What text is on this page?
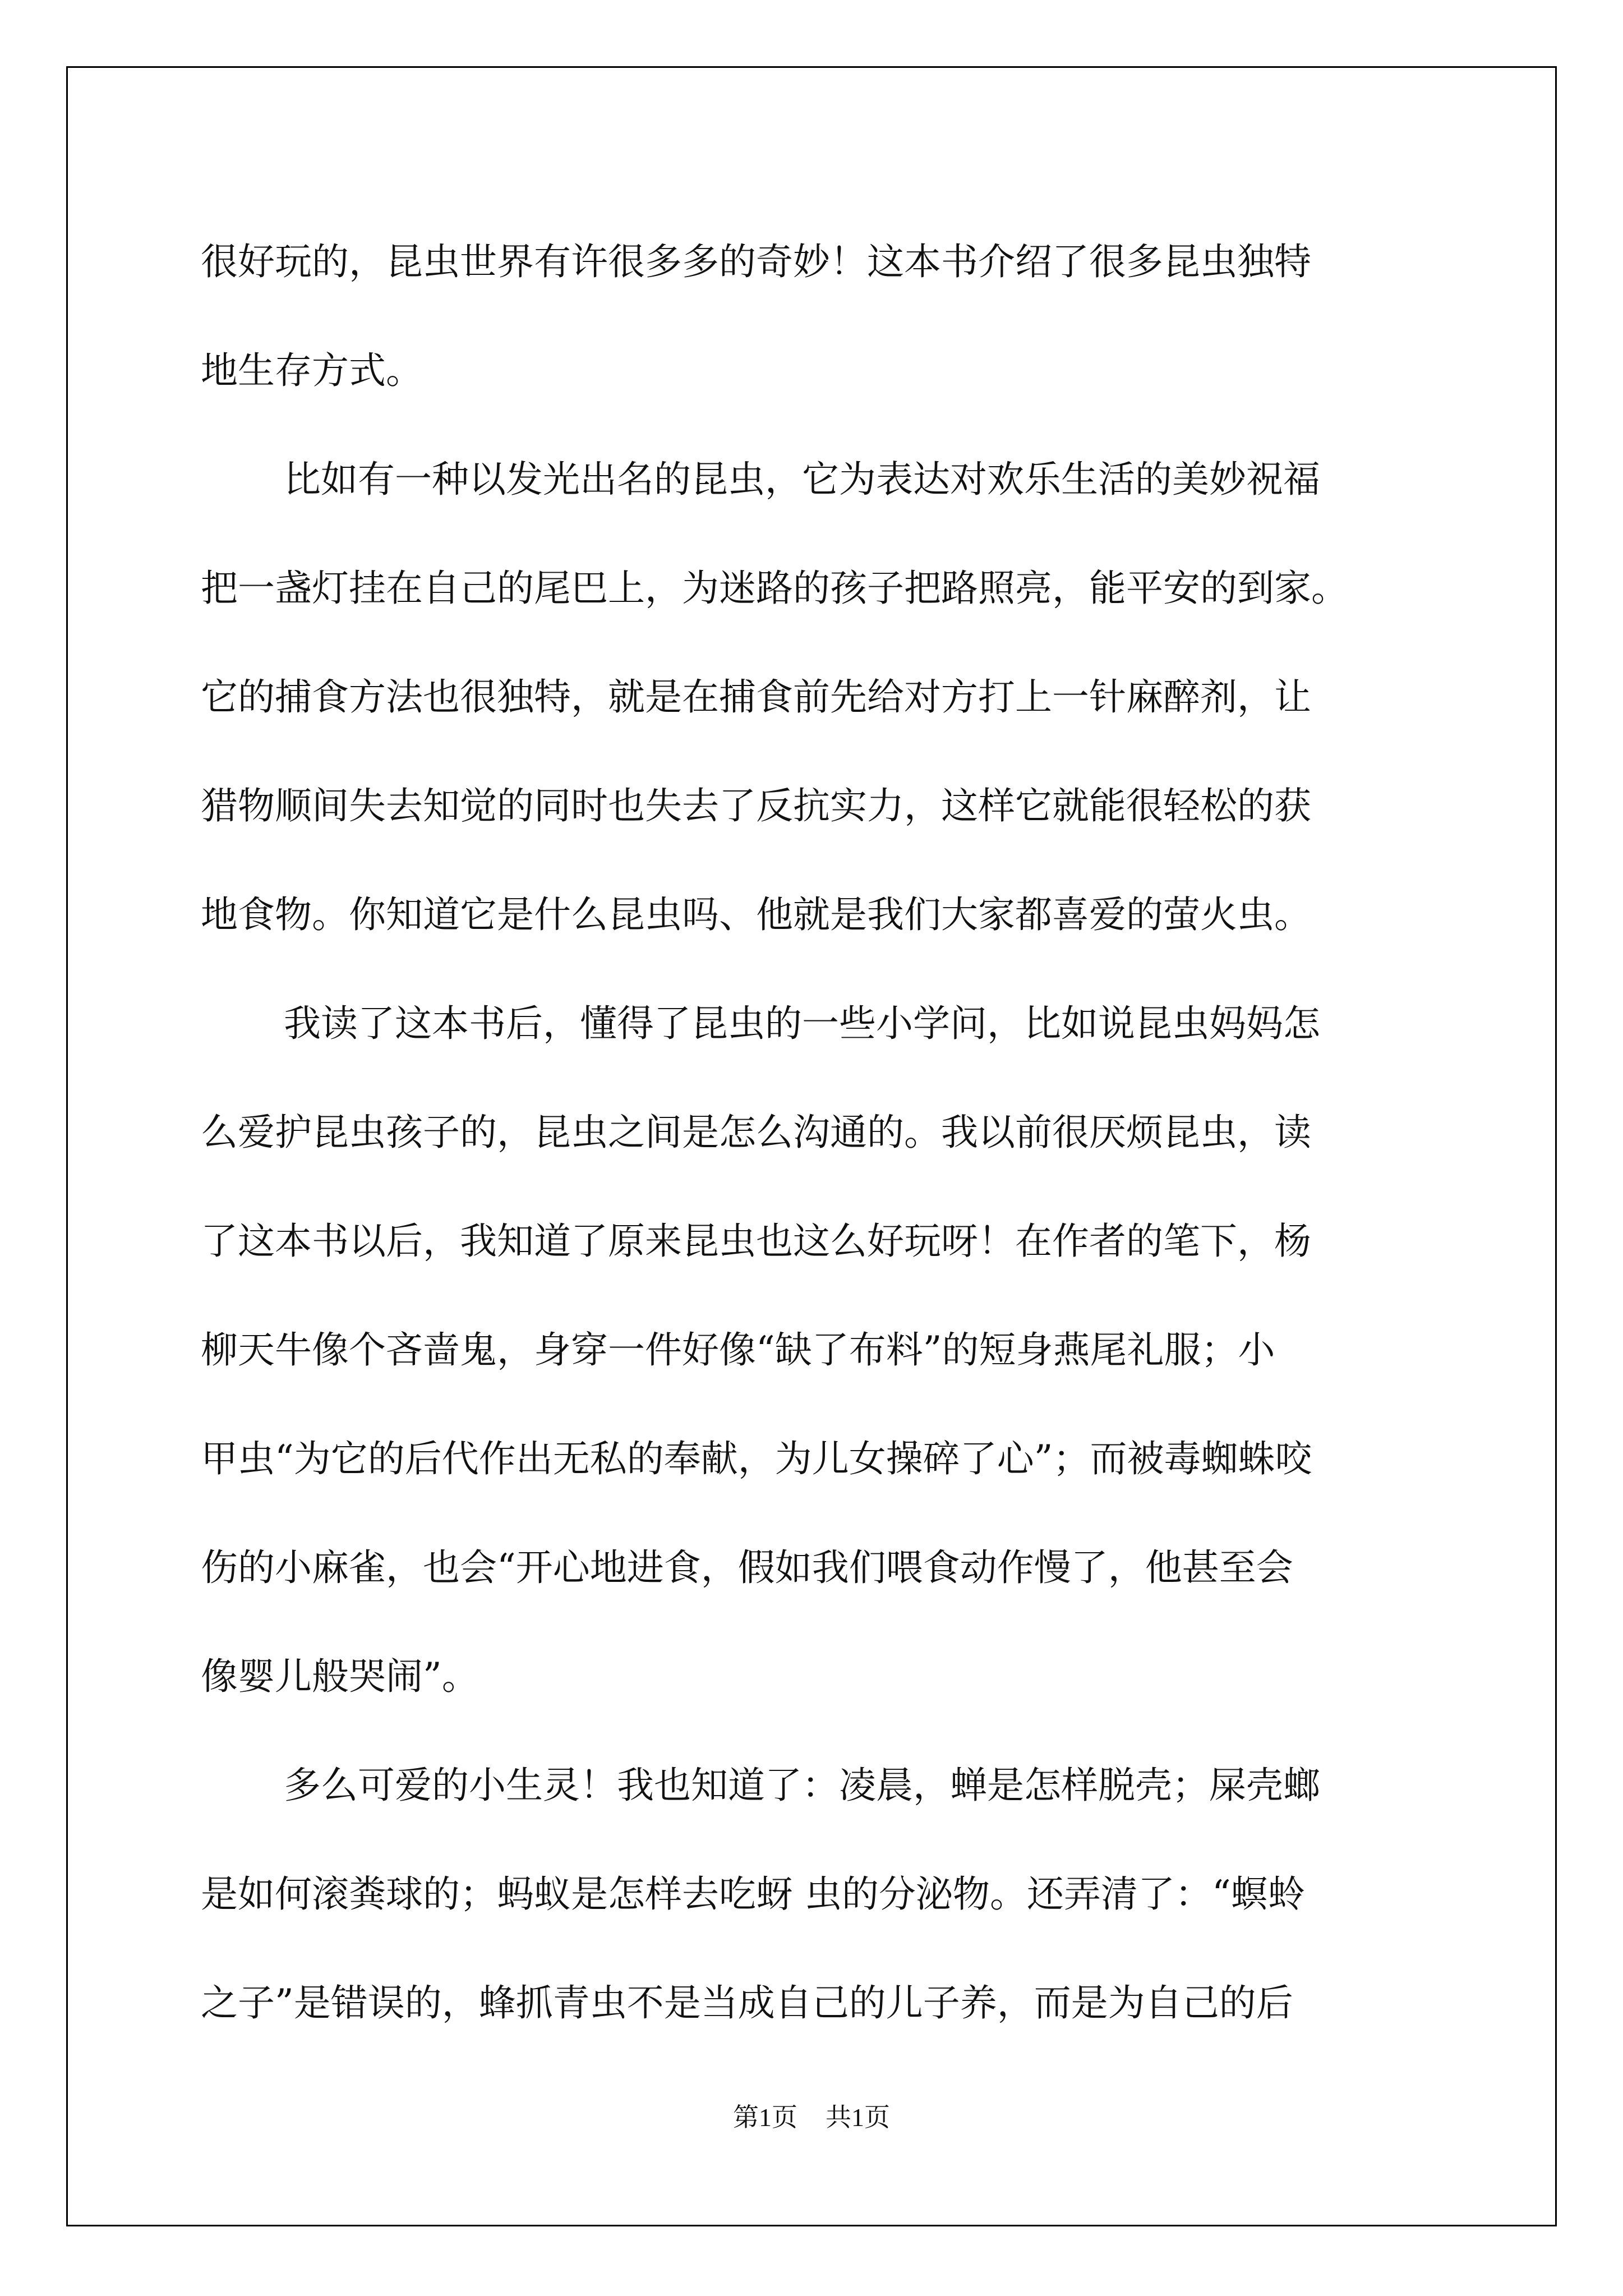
很好玩的，昆虫世界有许很多多的奇妙！这本书介绍了很多昆虫独特
地生存方式。
比如有一种以发光出名的昆虫，它为表达对欢乐生活的美妙祝福
把一盏灯挂在自己的尾巴上，为迷路的孩子把路照亮，能平安的到家。
它的捕食方法也很独特，就是在捕食前先给对方打上一针麻醉剂，让
猎物顺间失去知觉的同时也失去了反抗实力，这样它就能很轻松的获
地食物。你知道它是什么昆虫吗、他就是我们大家都喜爱的萤火虫。
我读了这本书后，懂得了昆虫的一些小学问，比如说昆虫妈妈怎
么爱护昆虫孩子的，昆虫之间是怎么沟通的。我以前很厌烦昆虫，读
了这本书以后，我知道了原来昆虫也这么好玩呀！在作者的笔下，杨
柳天牛像个吝啬鬼，身穿一件好像“缺了布料”的短身燕尾礼服；小
甲虫“为它的后代作出无私的奉献，为儿女操碎了心”；而被毒蜘蛛咬
伤的小麻雀，也会“开心地进食，假如我们喂食动作慢了，他甚至会
像婴儿般哭闹”。
多么可爱的小生灵！我也知道了：凌晨，蝉是怎样脱壳；屎壳螂
是如何滚粪球的；蚂蚁是怎样去吃蚜 虫的分泌物。还弄清了：“螟蛉
之子”是错误的，蜂抓青虫不是当成自己的儿子养，而是为自己的后
第1页 共1页
